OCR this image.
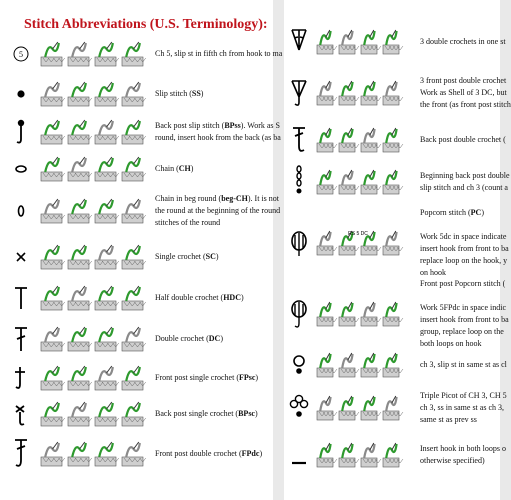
Stitch Abbreviations (U.S. Terminology):
5	Ch 5, slip st in fifth ch from hook to ma
Slip stitch (SS)
Back post slip stitch (BPss). Work as S
round, insert hook from the back (as ba
Chain (CH)
Chain in beg round (beg-CH). It is not
the round at the beginning of the round
stitches of the round
Single crochet (SC)
Half double crochet (HDC)
Double crochet (DC)
Front post single crochet (FPsc)
Back post single crochet (BPsc)
Front post double crochet (FPdc)
3 double crochets in one st
3 front post double crochet
Work as Shell of 3 DC, but
the front (as front post stitch
Back post double crochet (
Beginning back post double
slip stitch and ch 3 (count a
RS 5 DC
Popcorn stitch (PC)
Work 5dc in space indicate
insert hook from front to ba
replace loop on the hook, y
on hook
Front post Popcorn stitch (
Work 5FPdc in space indic
insert hook from front to ba
group, replace loop on the
both loops on hook
ch 3, slip st in same st as cl
Triple Picot of CH 3, CH 5
ch 3, ss in same st as ch 3,
same st as prev ss
Insert hook in both loops o
otherwise specified)
